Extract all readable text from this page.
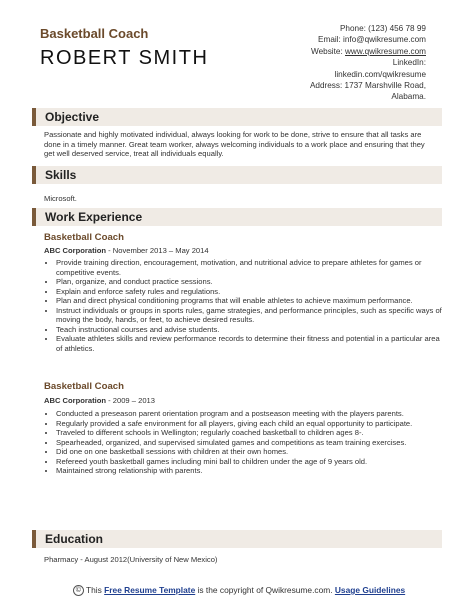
Basketball Coach
ROBERT SMITH
Phone: (123) 456 78 99
Email: info@qwikresume.com
Website: www.qwikresume.com
LinkedIn:
linkedin.com/qwikresume
Address: 1737 Marshville Road,
Alabama.
Objective
Passionate and highly motivated individual, always looking for work to be done, strive to ensure that all tasks are done in a timely manner. Great team worker, always welcoming individuals to a work place and ensuring that they get well deserved service, treat all individuals equally.
Skills
Microsoft.
Work Experience
Basketball Coach
ABC Corporation - November 2013 – May 2014
• Provide training direction, encouragement, motivation, and nutritional advice to prepare athletes for games or competitive events.
• Plan, organize, and conduct practice sessions.
• Explain and enforce safety rules and regulations.
• Plan and direct physical conditioning programs that will enable athletes to achieve maximum performance.
• Instruct individuals or groups in sports rules, game strategies, and performance principles, such as specific ways of moving the body, hands, or feet, to achieve desired results.
• Teach instructional courses and advise students.
• Evaluate athletes skills and review performance records to determine their fitness and potential in a particular area of athletics.
Basketball Coach
ABC Corporation - 2009 – 2013
• Conducted a preseason parent orientation program and a postseason meeting with the players parents.
• Regularly provided a safe environment for all players, giving each child an equal opportunity to participate.
• Traveled to different schools in Wellington; regularly coached basketball to children ages 8-.
• Spearheaded, organized, and supervised simulated games and competitions as team training exercises.
• Did one on one basketball sessions with children at their own homes.
• Refereed youth basketball games including mini ball to children under the age of 9 years old.
• Maintained strong relationship with parents.
Education
Pharmacy - August 2012(University of New Mexico)
© This Free Resume Template is the copyright of Qwikresume.com. Usage Guidelines
